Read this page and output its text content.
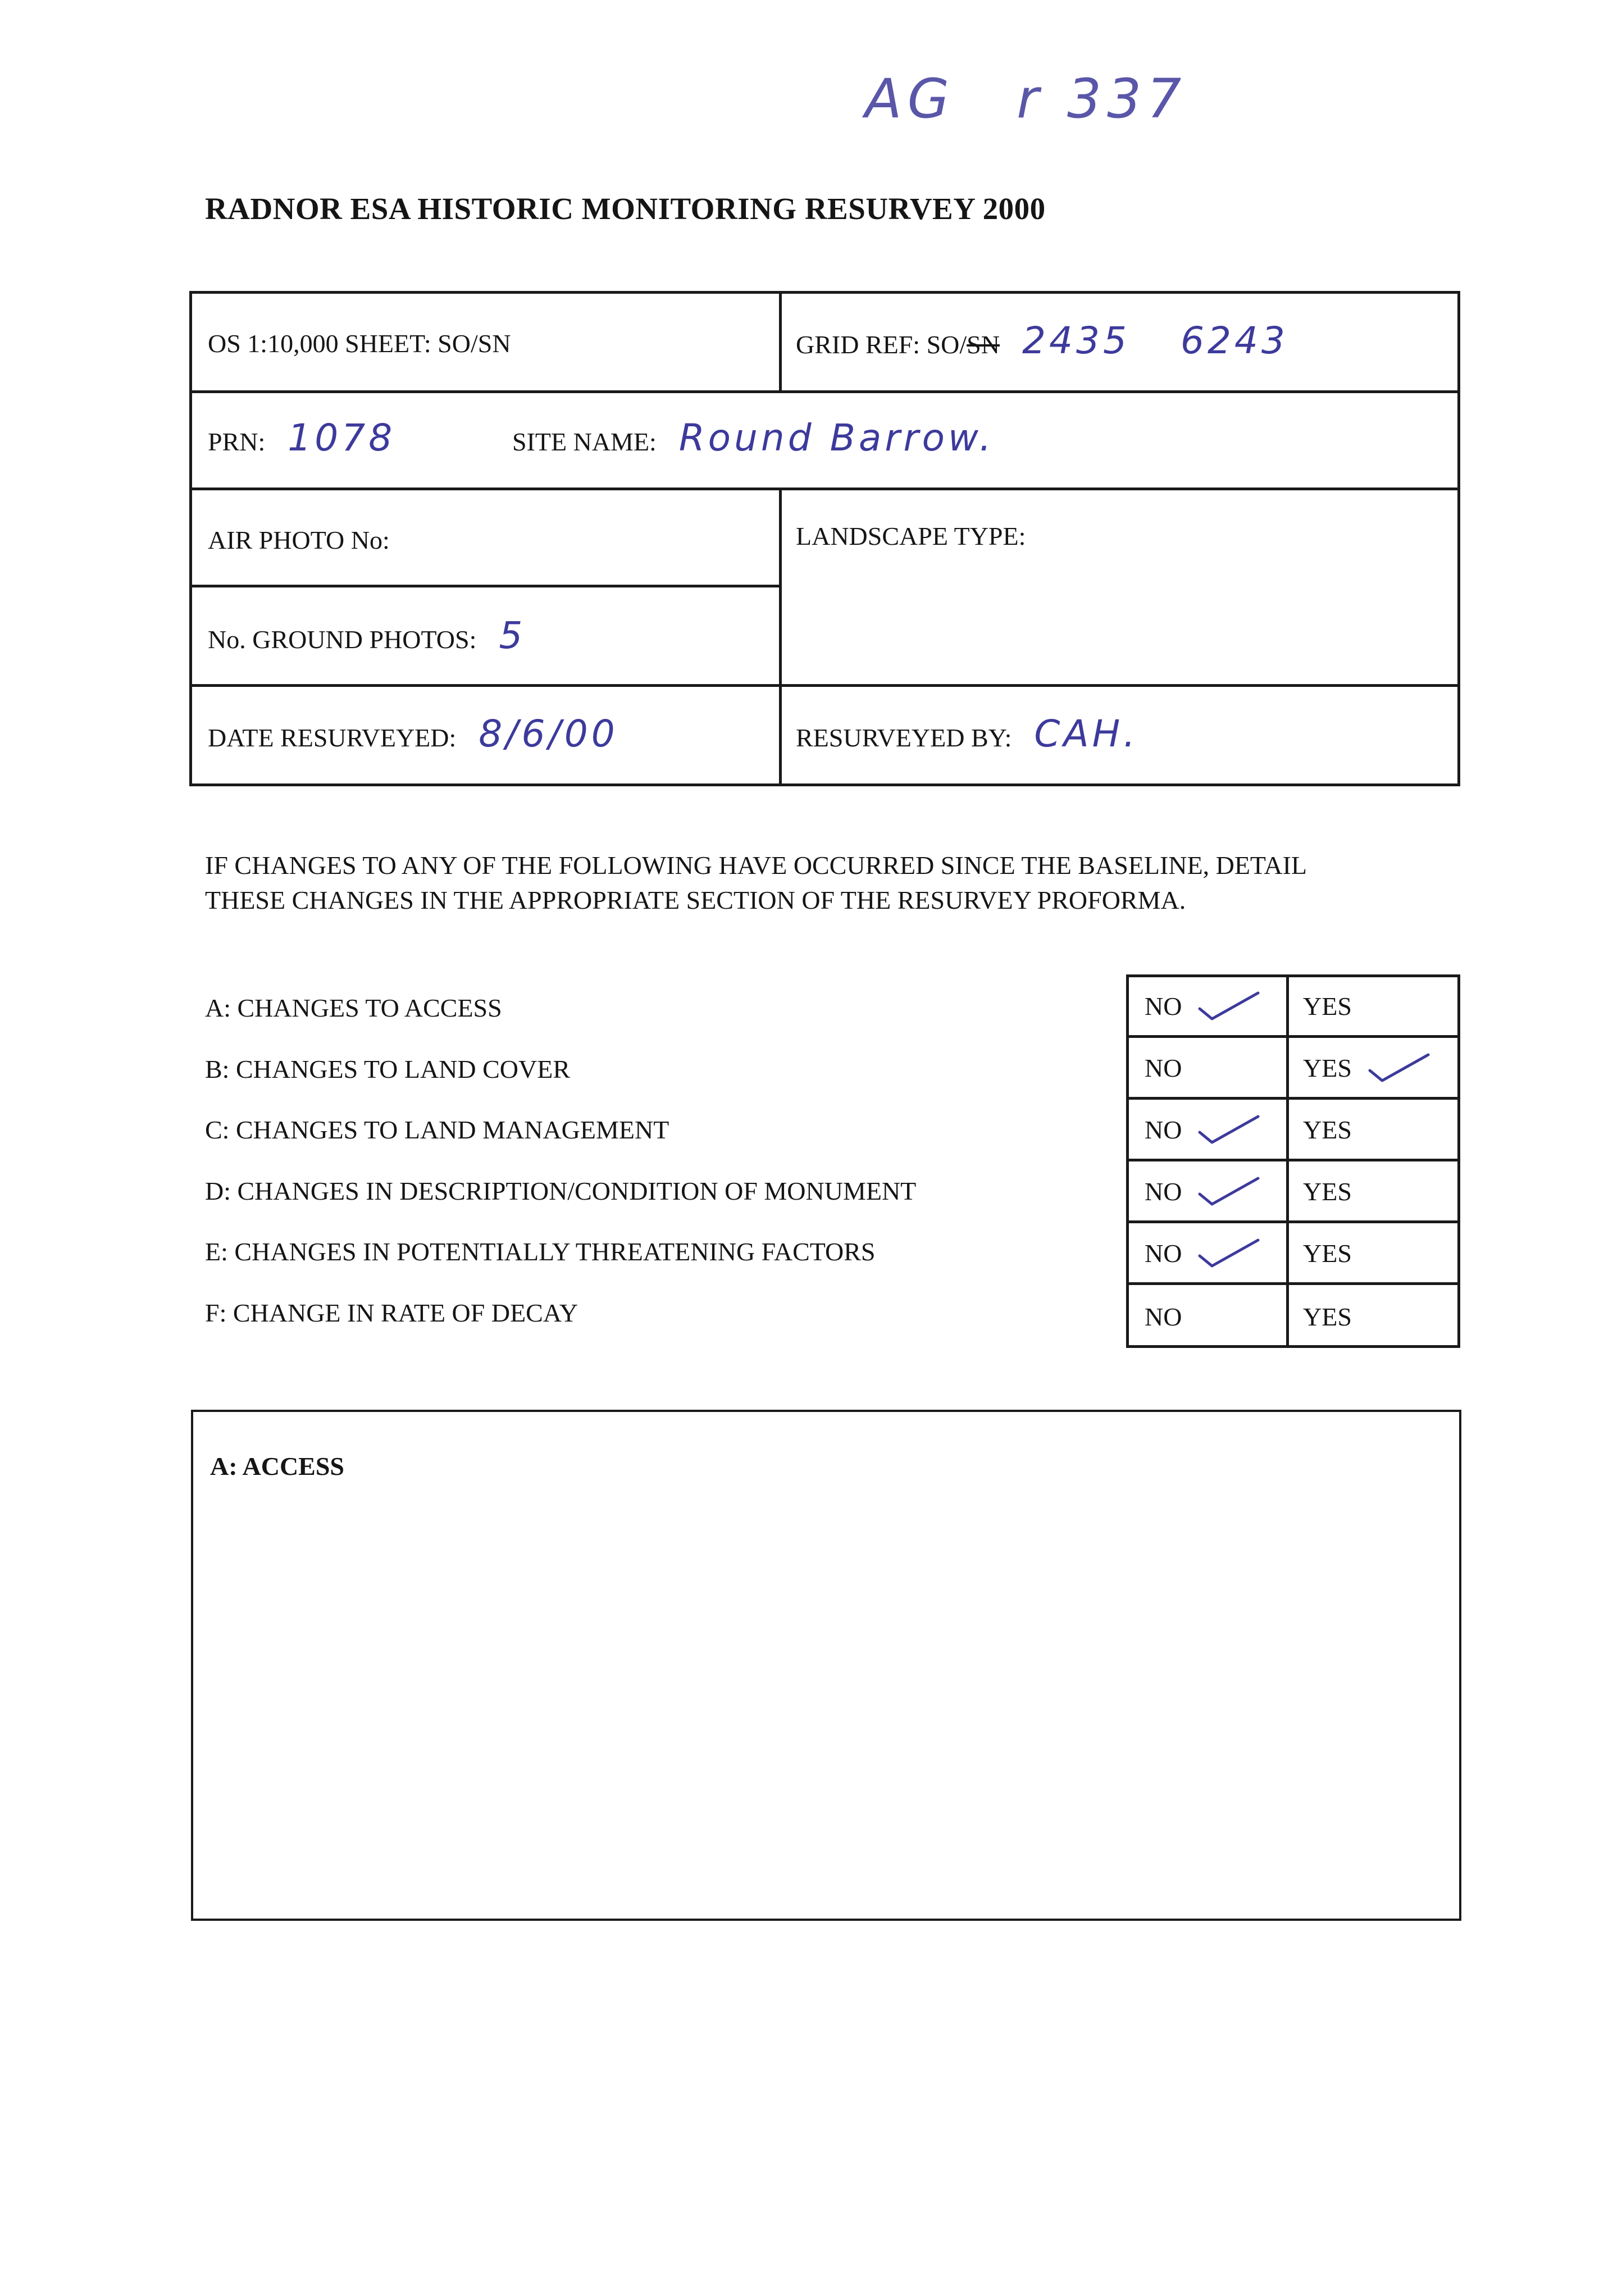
AG r 337
RADNOR ESA HISTORIC MONITORING RESURVEY 2000
OS 1:10,000 SHEET: SO/SN	GRID REF: SO/SN 2435 6243
PRN: 1078	SITE NAME: Round Barrow.
AIR PHOTO No:	LANDSCAPE TYPE:
No. GROUND PHOTOS: 5
DATE RESURVEYED: 8/6/00	RESURVEYED BY: CAH.
IF CHANGES TO ANY OF THE FOLLOWING HAVE OCCURRED SINCE THE BASELINE, DETAIL
THESE CHANGES IN THE APPROPRIATE SECTION OF THE RESURVEY PROFORMA.
A: CHANGES TO ACCESS
B: CHANGES TO LAND COVER
C: CHANGES TO LAND MANAGEMENT
D: CHANGES IN DESCRIPTION/CONDITION OF MONUMENT
E: CHANGES IN POTENTIALLY THREATENING FACTORS
F: CHANGE IN RATE OF DECAY
NO	YES
NO	YES
NO	YES
NO	YES
NO	YES
NO	YES
A: ACCESS
